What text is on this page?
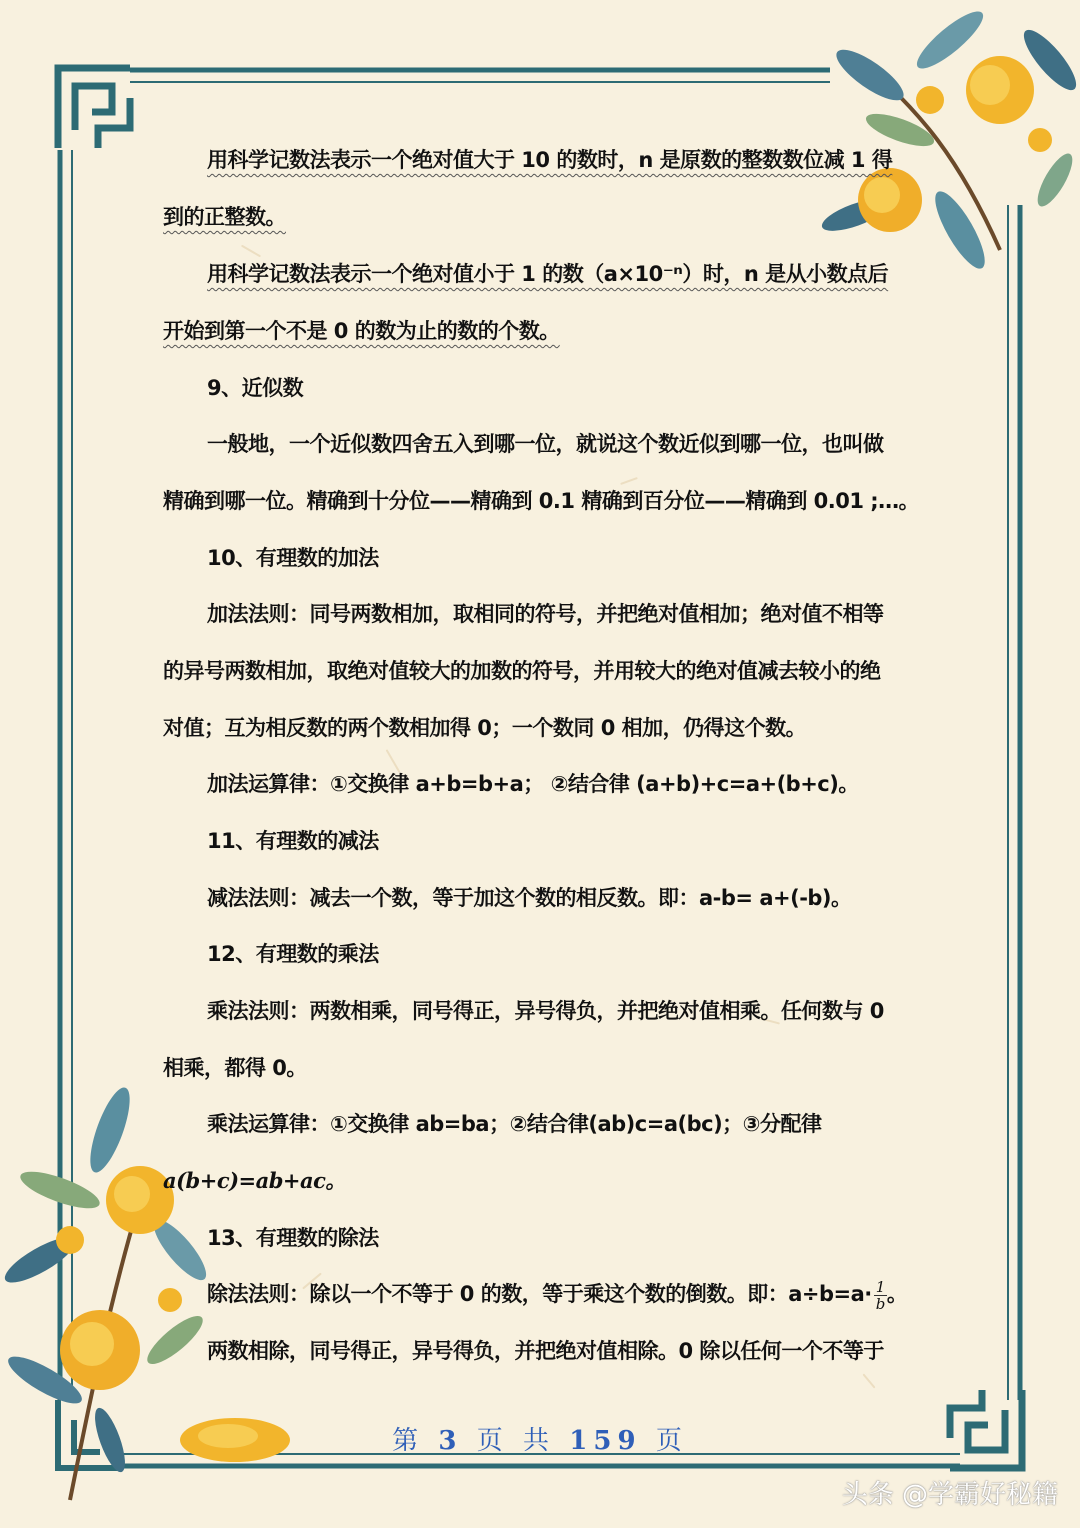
用科学记数法表示一个绝对值大于 10 的数时，n 是原数的整数数位减 1 得
到的正整数。
用科学记数法表示一个绝对值小于 1 的数（a×10⁻ⁿ）时，n 是从小数点后
开始到第一个不是 0 的数为止的数的个数。
9、近似数
一般地，一个近似数四舍五入到哪一位，就说这个数近似到哪一位，也叫做
精确到哪一位。精确到十分位——精确到 0.1 精确到百分位——精确到 0.01 ;…。
10、有理数的加法
加法法则：同号两数相加，取相同的符号，并把绝对值相加；绝对值不相等
的异号两数相加，取绝对值较大的加数的符号，并用较大的绝对值减去较小的绝
对值；互为相反数的两个数相加得 0；一个数同 0 相加，仍得这个数。
加法运算律：①交换律 a+b=b+a； ②结合律 (a+b)+c=a+(b+c)。
11、有理数的减法
减法法则：减去一个数，等于加这个数的相反数。即：a-b= a+(-b)。
12、有理数的乘法
乘法法则：两数相乘，同号得正，异号得负，并把绝对值相乘。任何数与 0
相乘，都得 0。
乘法运算律：①交换律 ab=ba；②结合律(ab)c=a(bc)；③分配律
a(b+c)=ab+ac。
13、有理数的除法
除法法则：除以一个不等于 0 的数，等于乘这个数的倒数。即：$a\div b=a\cdot \frac{1}{b}$ 。
两数相除，同号得正，异号得负，并把绝对值相除。0 除以任何一个不等于
第 3 页 共 159 页
头条 @学霸好秘籍
